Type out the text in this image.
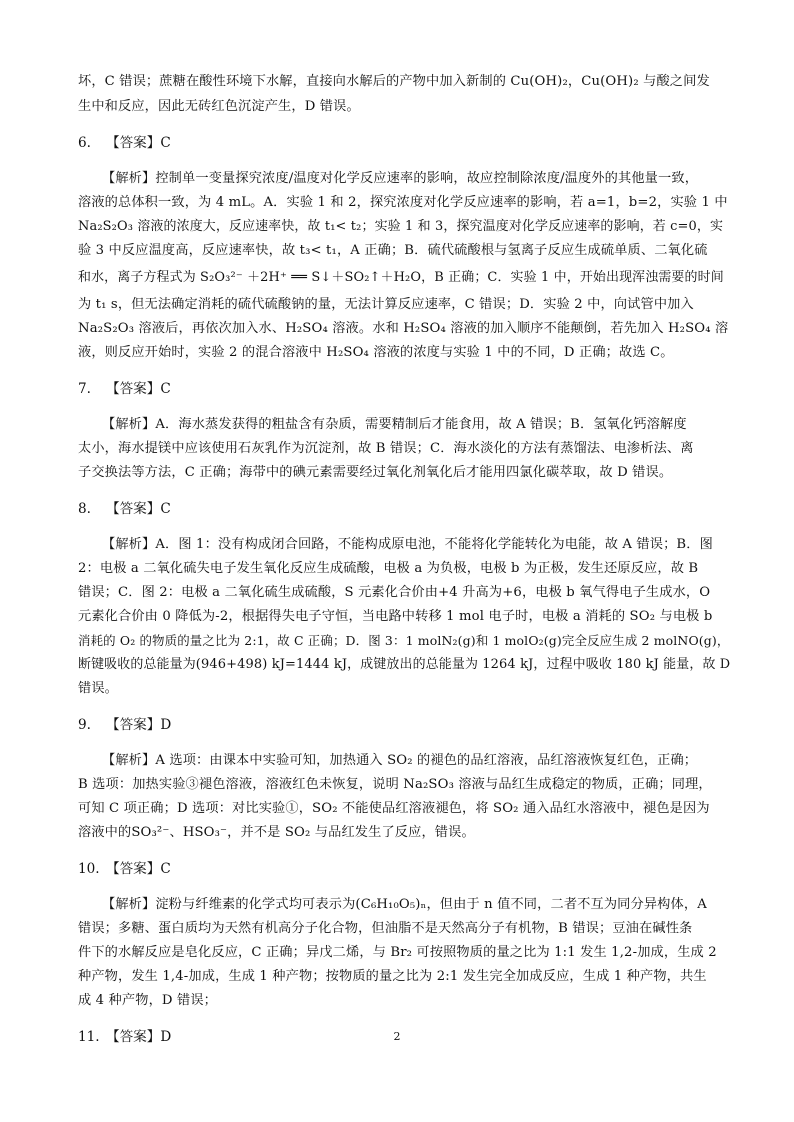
坏，C 错误；蔗糖在酸性环境下水解，直接向水解后的产物中加入新制的 Cu(OH)₂，Cu(OH)₂ 与酸之间发
生中和反应，因此无砖红色沉淀产生，D 错误。
6. 【答案】C
【解析】控制单一变量探究浓度/温度对化学反应速率的影响，故应控制除浓度/温度外的其他量一致，
溶液的总体积一致，为 4 mL。A．实验 1 和 2，探究浓度对化学反应速率的影响，若 a=1，b=2，实验 1 中
Na₂S₂O₃ 溶液的浓度大，反应速率快，故 t₁< t₂；实验 1 和 3，探究温度对化学反应速率的影响，若 c=0，实
验 3 中反应温度高，反应速率快，故 t₃< t₁，A 正确；B．硫代硫酸根与氢离子反应生成硫单质、二氧化硫
和水，离子方程式为 S₂O₃²⁻ ＋2H⁺ ══ S↓＋SO₂↑＋H₂O，B 正确；C．实验 1 中，开始出现浑浊需要的时间
为 t₁ s，但无法确定消耗的硫代硫酸钠的量，无法计算反应速率，C 错误；D．实验 2 中，向试管中加入
Na₂S₂O₃ 溶液后，再依次加入水、H₂SO₄ 溶液。水和 H₂SO₄ 溶液的加入顺序不能颠倒，若先加入 H₂SO₄ 溶
液，则反应开始时，实验 2 的混合溶液中 H₂SO₄ 溶液的浓度与实验 1 中的不同，D 正确；故选 C。
7. 【答案】C
【解析】A．海水蒸发获得的粗盐含有杂质，需要精制后才能食用，故 A 错误；B．氢氧化钙溶解度
太小，海水提镁中应该使用石灰乳作为沉淀剂，故 B 错误；C．海水淡化的方法有蒸馏法、电渗析法、离
子交换法等方法，C 正确；海带中的碘元素需要经过氧化剂氧化后才能用四氯化碳萃取，故 D 错误。
8. 【答案】C
【解析】A．图 1：没有构成闭合回路，不能构成原电池，不能将化学能转化为电能，故 A 错误；B．图
2：电极 a 二氧化硫失电子发生氧化反应生成硫酸，电极 a 为负极，电极 b 为正极，发生还原反应，故 B
错误；C．图 2：电极 a 二氧化硫生成硫酸，S 元素化合价由+4 升高为+6，电极 b 氧气得电子生成水，O
元素化合价由 0 降低为-2，根据得失电子守恒，当电路中转移 1 mol 电子时，电极 a 消耗的 SO₂ 与电极 b
消耗的 O₂ 的物质的量之比为 2:1，故 C 正确；D．图 3：1 molN₂(g)和 1 molO₂(g)完全反应生成 2 molNO(g)，
断键吸收的总能量为(946+498) kJ=1444 kJ，成键放出的总能量为 1264 kJ，过程中吸收 180 kJ 能量，故 D
错误。
9. 【答案】D
【解析】A 选项：由课本中实验可知，加热通入 SO₂ 的褪色的品红溶液，品红溶液恢复红色，正确；
B 选项：加热实验③褪色溶液，溶液红色未恢复，说明 Na₂SO₃ 溶液与品红生成稳定的物质，正确；同理，
可知 C 项正确；D 选项：对比实验①，SO₂ 不能使品红溶液褪色，将 SO₂ 通入品红水溶液中，褪色是因为
溶液中的SO₃²⁻、HSO₃⁻，并不是 SO₂ 与品红发生了反应，错误。
10. 【答案】C
【解析】淀粉与纤维素的化学式均可表示为(C₆H₁₀O₅)ₙ，但由于 n 值不同，二者不互为同分异构体，A
错误；多糖、蛋白质均为天然有机高分子化合物，但油脂不是天然高分子有机物，B 错误；豆油在碱性条
件下的水解反应是皂化反应，C 正确；异戊二烯，与 Br₂ 可按照物质的量之比为 1:1 发生 1,2-加成，生成 2
种产物，发生 1,4-加成，生成 1 种产物；按物质的量之比为 2:1 发生完全加成反应，生成 1 种产物，共生
成 4 种产物，D 错误；
11. 【答案】D	2
